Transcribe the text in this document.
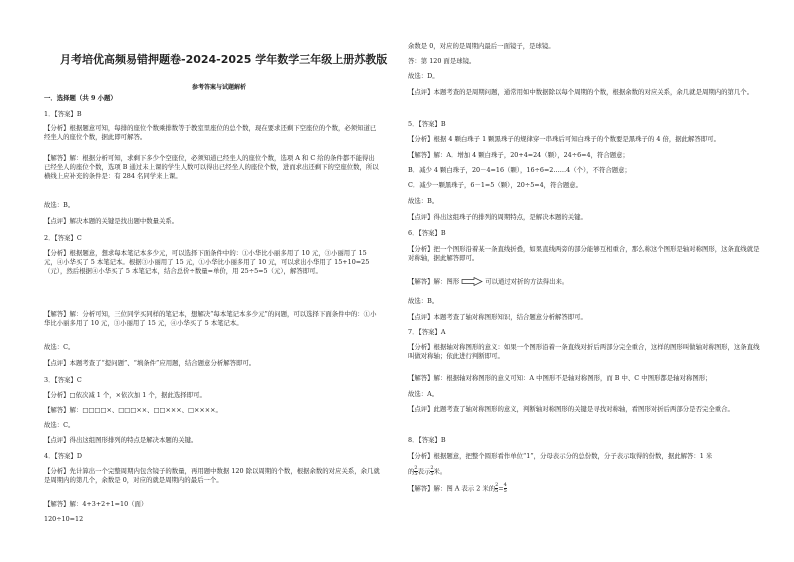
月考培优高频易错押题卷-2024-2025 学年数学三年级上册苏教版
参考答案与试题解析
一．选择题（共 9 小题）
1．【答案】B
【分析】根据题意可知，每排的座位个数乘排数等于教室里座位的总个数，现在要求还剩下空座位的个数，必须知道已经坐人的座位个数，据此即可解答。
【解答】解：根据分析可知，求剩下多少个空座位，必须知道已经坐人的座位个数，选项 A 和 C 给的条件都不能得出已经坐人的座位个数，选项 B 通过未上课的学生人数可以得出已经坐人的座位个数，进而求出还剩下的空座位数，所以横线上应补充的条件是：有 284 名同学来上课。
故选：B。
【点评】解决本题的关键是找出题中数量关系。
2．【答案】C
【分析】根据题意，想求每本笔记本多少元，可以选择下面条件中的：①小华比小丽多用了 10 元，③小丽用了 15 元，④小华买了 5 本笔记本。根据③小丽用了 15 元，①小华比小丽多用了 10 元，可以求出小华用了 15+10=25（元），然后根据④小华买了 5 本笔记本，结合总价÷数量=单价，用 25÷5=5（元），解答即可。
【解答】解：分析可知，三位同学买同样的笔记本，想解决“每本笔记本多少元”的问题，可以选择下面条件中的：①小华比小丽多用了 10 元，③小丽用了 15 元，④小华买了 5 本笔记本。
故选：C。
【点评】本题考查了“提问题”、“填条件”应用题，结合题意分析解答即可。
3．【答案】C
【分析】□依次减 1 个，×依次加 1 个，据此选择即可。
【解答】解：□□□□×、□□□××、□□×××、□××××。
故选：C。
【点评】得出这组图形排列的特点是解决本题的关键。
4．【答案】D
【分析】先计算出一个完整周期内包含镜子的数量，再用题中数据 120 除以周期的个数，根据余数的对应关系，余几就是周期内的第几个，余数是 0，对应的就是周期内的最后一个。
【解答】解：4+3+2+1=10（面）
120÷10=12
余数是 0，对应的是周期内最后一面镜子，是球镜。
答：第 120 面是球镜。
故选：D。
【点评】本题考查的是周期问题，通常用如中数据除以每个周期的个数，根据余数的对应关系，余几就是周期内的第几个。
5．【答案】B
【分析】根据 4 颗白珠子 1 颗黑珠子的规律穿一串珠后可知白珠子的个数要是黑珠子的 4 倍，据此解答即可。
【解答】解：A．增加 4 颗白珠子，20+4=24（颗），24÷6=4，符合题意；
B．减少 4 颗白珠子，20－4=16（颗），16÷6=2……4（个），不符合题意；
C．减少一颗黑珠子，6－1=5（颗），20÷5=4，符合题意。
故选：B。
【点评】得出这组珠子的排列的周期特点，是解决本题的关键。
6．【答案】B
【分析】把一个图形沿着某一条直线折叠，如果直线两旁的部分能够互相重合，那么称这个图形是轴对称图形，这条直线就是对称轴，据此解答即可。
【解答】解：图形	可以通过对折的方法得出来。
故选：B。
【点评】本题考查了轴对称图形知识，结合题意分析解答即可。
7．【答案】A
【分析】根据轴对称图形的意义：如果一个图形沿着一条直线对折后两部分完全重合，这样的图形叫做轴对称图形，这条直线叫做对称轴；依此进行判断即可。
【解答】解：根据轴对称图形的意义可知：A 中图形不是轴对称图形，而 B 中、C 中图形都是轴对称图形；
故选：A。
【点评】此题考查了轴对称图形的意义，判断轴对称图形的关键是寻找对称轴，看图形对折后两部分是否完全重合。
8．【答案】B
【分析】根据题意，把整个圆形看作单位“1”，分母表示分的总份数，分子表示取得的份数，据此解答：1 米
的 $\frac{2}{5}$ 表示 $\frac{2}{5}$ 米。
【解答】解：图 A 表示 2 米的 $\frac{2}{5} = \frac{4}{5}$
